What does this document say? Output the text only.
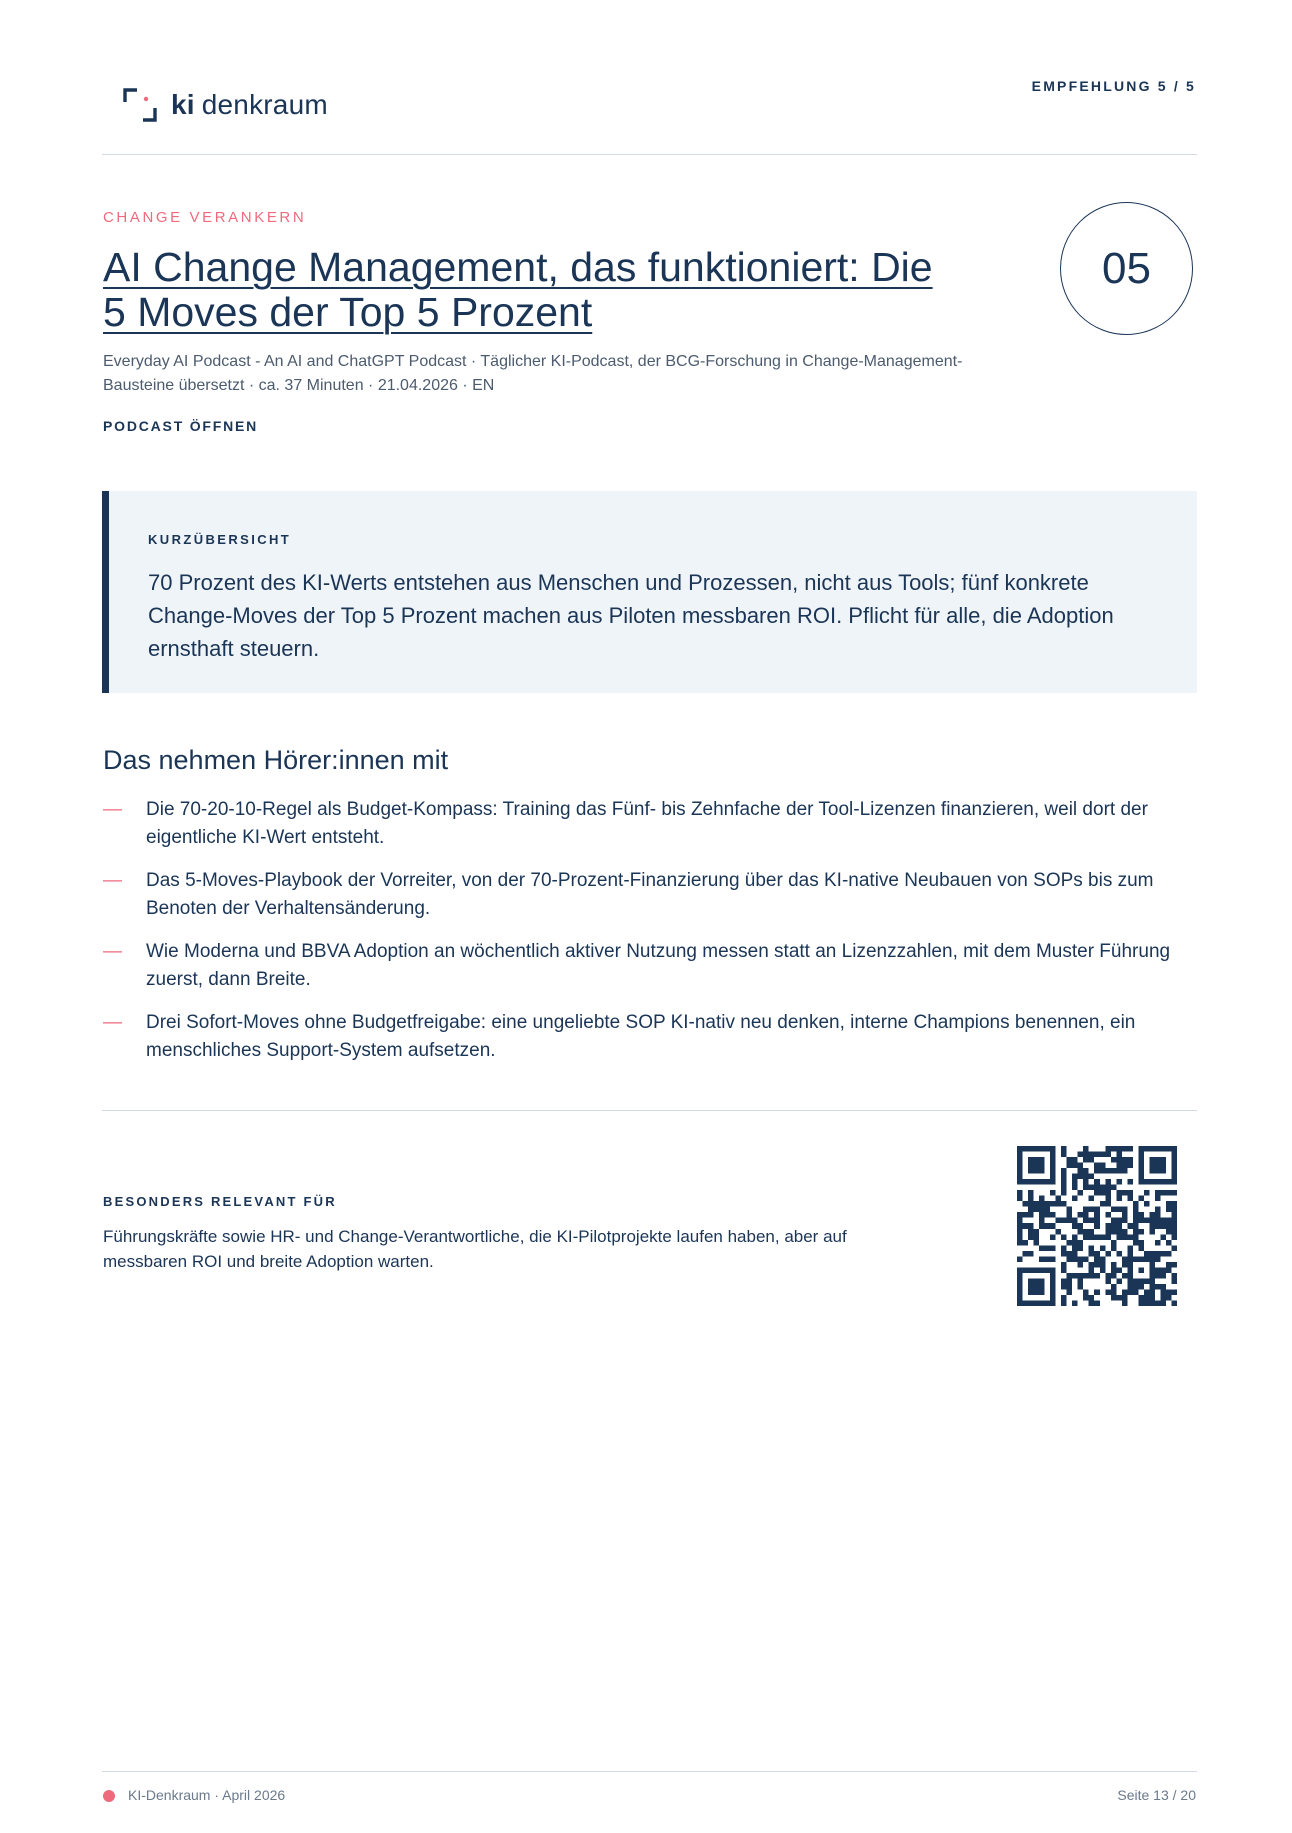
ki denkraum
EMPFEHLUNG 5 / 5
CHANGE VERANKERN
AI Change Management, das funktioniert: Die 5 Moves der Top 5 Prozent
05
Everyday AI Podcast - An AI and ChatGPT Podcast · Täglicher KI-Podcast, der BCG-Forschung in Change-Management-Bausteine übersetzt · ca. 37 Minuten · 21.04.2026 · EN
PODCAST ÖFFNEN
KURZÜBERSICHT
70 Prozent des KI-Werts entstehen aus Menschen und Prozessen, nicht aus Tools; fünf konkrete Change-Moves der Top 5 Prozent machen aus Piloten messbaren ROI. Pflicht für alle, die Adoption ernsthaft steuern.
Das nehmen Hörer:innen mit
— Die 70-20-10-Regel als Budget-Kompass: Training das Fünf- bis Zehnfache der Tool-Lizenzen finanzieren, weil dort der eigentliche KI-Wert entsteht.
— Das 5-Moves-Playbook der Vorreiter, von der 70-Prozent-Finanzierung über das KI-native Neubauen von SOPs bis zum Benoten der Verhaltensänderung.
— Wie Moderna und BBVA Adoption an wöchentlich aktiver Nutzung messen statt an Lizenzzahlen, mit dem Muster Führung zuerst, dann Breite.
— Drei Sofort-Moves ohne Budgetfreigabe: eine ungeliebte SOP KI-nativ neu denken, interne Champions benennen, ein menschliches Support-System aufsetzen.
BESONDERS RELEVANT FÜR
Führungskräfte sowie HR- und Change-Verantwortliche, die KI-Pilotprojekte laufen haben, aber auf messbaren ROI und breite Adoption warten.
KI-Denkraum · April 2026	Seite 13 / 20
